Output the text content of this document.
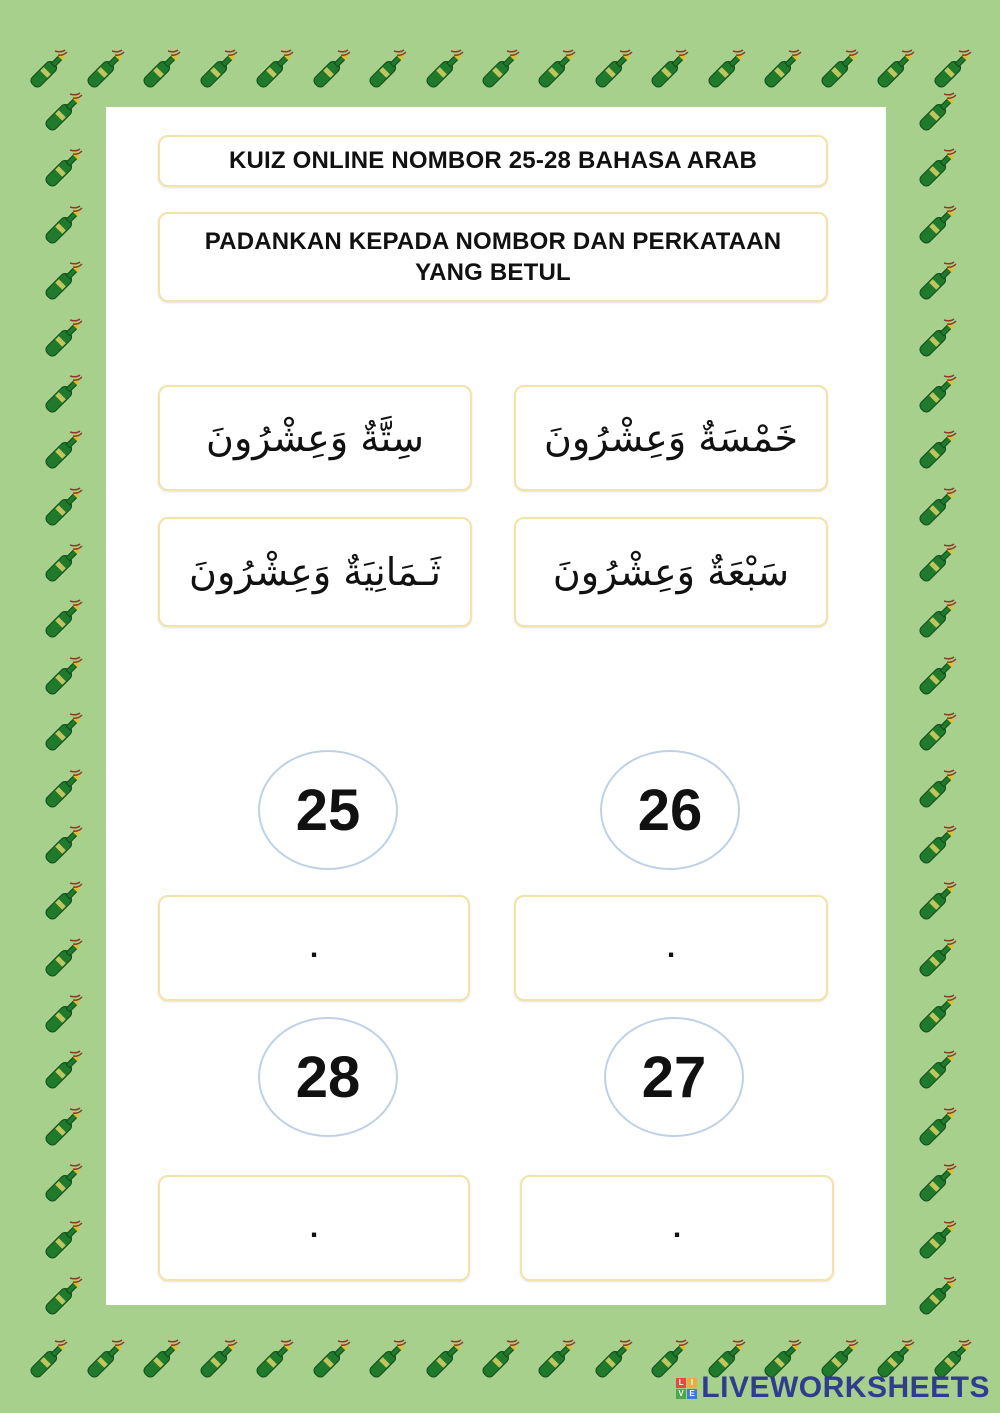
KUIZ ONLINE NOMBOR 25-28 BAHASA ARAB
PADANKAN KEPADA NOMBOR DAN PERKATAAN YANG BETUL
خَمْسَةٌ وَعِشْرُونَ
سِتَّةٌ وَعِشْرُونَ
سَبْعَةٌ وَعِشْرُونَ
ثَـمَانِيَةٌ وَعِشْرُونَ
25	26
.	.
28	27
.	.
L I
V E LIVEWORKSHEETS
